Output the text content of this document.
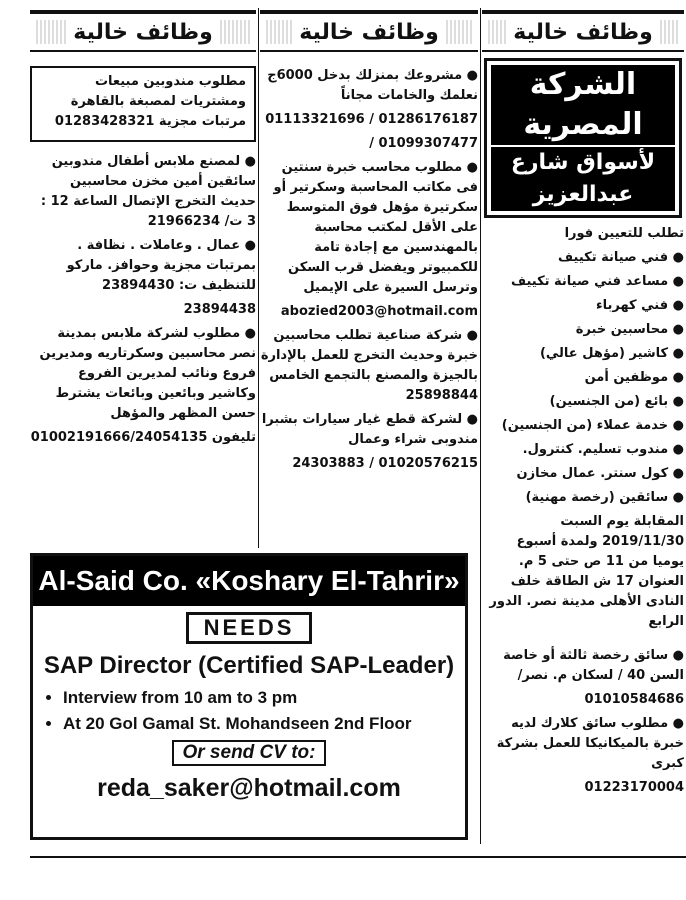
وظائف خالية
الشركة المصرية
لأسواق شارع عبدالعزيز

تطلب للتعيين فورا

● فني صيانة تكييف

● مساعد فني صيانة تكييف

● فني كهرباء

● محاسبين خبرة

● كاشير (مؤهل عالي)

● موظفين أمن

● بائع (من الجنسين)

● خدمة عملاء (من الجنسين)

● مندوب تسليم. كنترول.

● كول سنتر. عمال مخازن

● سائقين (رخصة مهنية)

المقابلة يوم السبت 2019/11/30 ولمدة أسبوع يوميا من 11 ص حتى 5 م. العنوان 17 ش الطاقة خلف النادى الأهلى مدينة نصر. الدور الرابع

● سائق رخصة ثالثة أو خاصة السن 40 / لسكان م. نصر/

01010584686

● مطلوب سائق كلارك لديه خبرة بالميكانيكا للعمل بشركة كبرى

01223170004

وظائف خالية

● مشروعك بمنزلك بدخل 6000ج نعلمك والخامات مجاناً

01286176187 / 01113321696

01099307477 /

● مطلوب محاسب خبرة سنتين فى مكاتب المحاسبة وسكرتير أو سكرتيرة مؤهل فوق المتوسط على الأقل لمكتب محاسبة بالمهندسين مع إجادة تامة للكمبيوتر ويفضل قرب السكن وترسل السيرة على الإيميل

abozied2003@hotmail.com

● شركة صناعية تطلب محاسبين خبرة وحديث التخرج للعمل بالإدارة بالجيزة والمصنع بالتجمع الخامس 25898844

● لشركة قطع غيار سيارات بشبرا مندوبى شراء وعمال

01020576215 / 24303883

وظائف خالية

مطلوب مندوبين مبيعات ومشتريات لمصبغة بالقاهرة مرتبات مجزية 01283428321

● لمصنع ملابس أطفال مندوبين سائقين أمين مخزن محاسبين حديث التخرج الإتصال الساعة 12 : 3 ت/ 21966234

● عمال . وعاملات . نظافة . بمرتبات مجزية وحوافز. ماركو للتنظيف ت: 23894430

23894438

● مطلوب لشركة ملابس بمدينة نصر محاسبين وسكرتاريه ومديرين فروع ونائب لمديرين الفروع وكاشير وبائعين وبائعات يشترط حسن المظهر والمؤهل

تليفون 01002191666/24054135

Al-Said Co. «Koshary El-Tahrir»
NEEDS
SAP Director (Certified SAP-Leader)
• Interview from 10 am to 3 pm
• At 20 Gol Gamal St. Mohandseen 2nd Floor
Or send CV to:
reda_saker@hotmail.com
